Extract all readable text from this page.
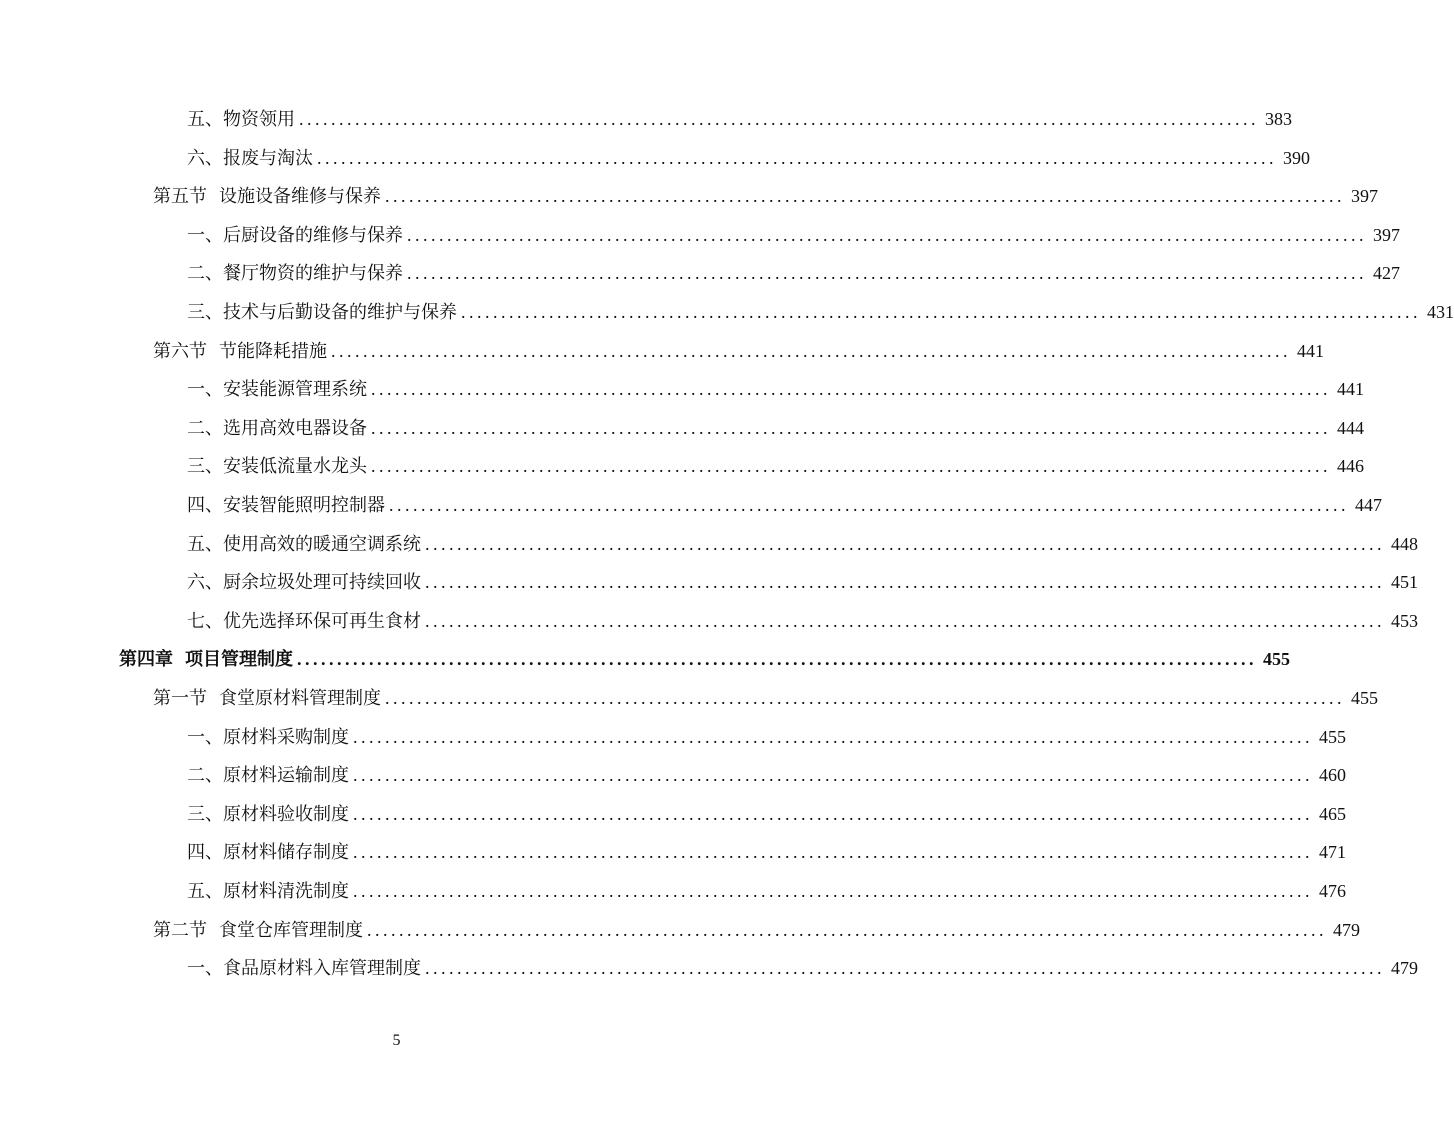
五、 物资领用 ........................................................................................................................ 383
六、 报废与淘汰 ........................................................................................................................ 390
第五节 设施设备维修与保养 ........................................................................................................................ 397
一、 后厨设备的维修与保养 ........................................................................................................................ 397
二、 餐厅物资的维护与保养 ........................................................................................................................ 427
三、 技术与后勤设备的维护与保养 ........................................................................................................................ 431
第六节 节能降耗措施 ........................................................................................................................ 441
一、 安装能源管理系统 ........................................................................................................................ 441
二、 选用高效电器设备 ........................................................................................................................ 444
三、 安装低流量水龙头 ........................................................................................................................ 446
四、 安装智能照明控制器 ........................................................................................................................ 447
五、 使用高效的暖通空调系统 ........................................................................................................................ 448
六、 厨余垃圾处理可持续回收 ........................................................................................................................ 451
七、 优先选择环保可再生食材 ........................................................................................................................ 453
第四章 项目管理制度 ........................................................................................................................ 455
第一节 食堂原材料管理制度 ........................................................................................................................ 455
一、 原材料采购制度 ........................................................................................................................ 455
二、 原材料运输制度 ........................................................................................................................ 460
三、 原材料验收制度 ........................................................................................................................ 465
四、 原材料储存制度 ........................................................................................................................ 471
五、 原材料清洗制度 ........................................................................................................................ 476
第二节 食堂仓库管理制度 ........................................................................................................................ 479
一、 食品原材料入库管理制度 ........................................................................................................................ 479
5
